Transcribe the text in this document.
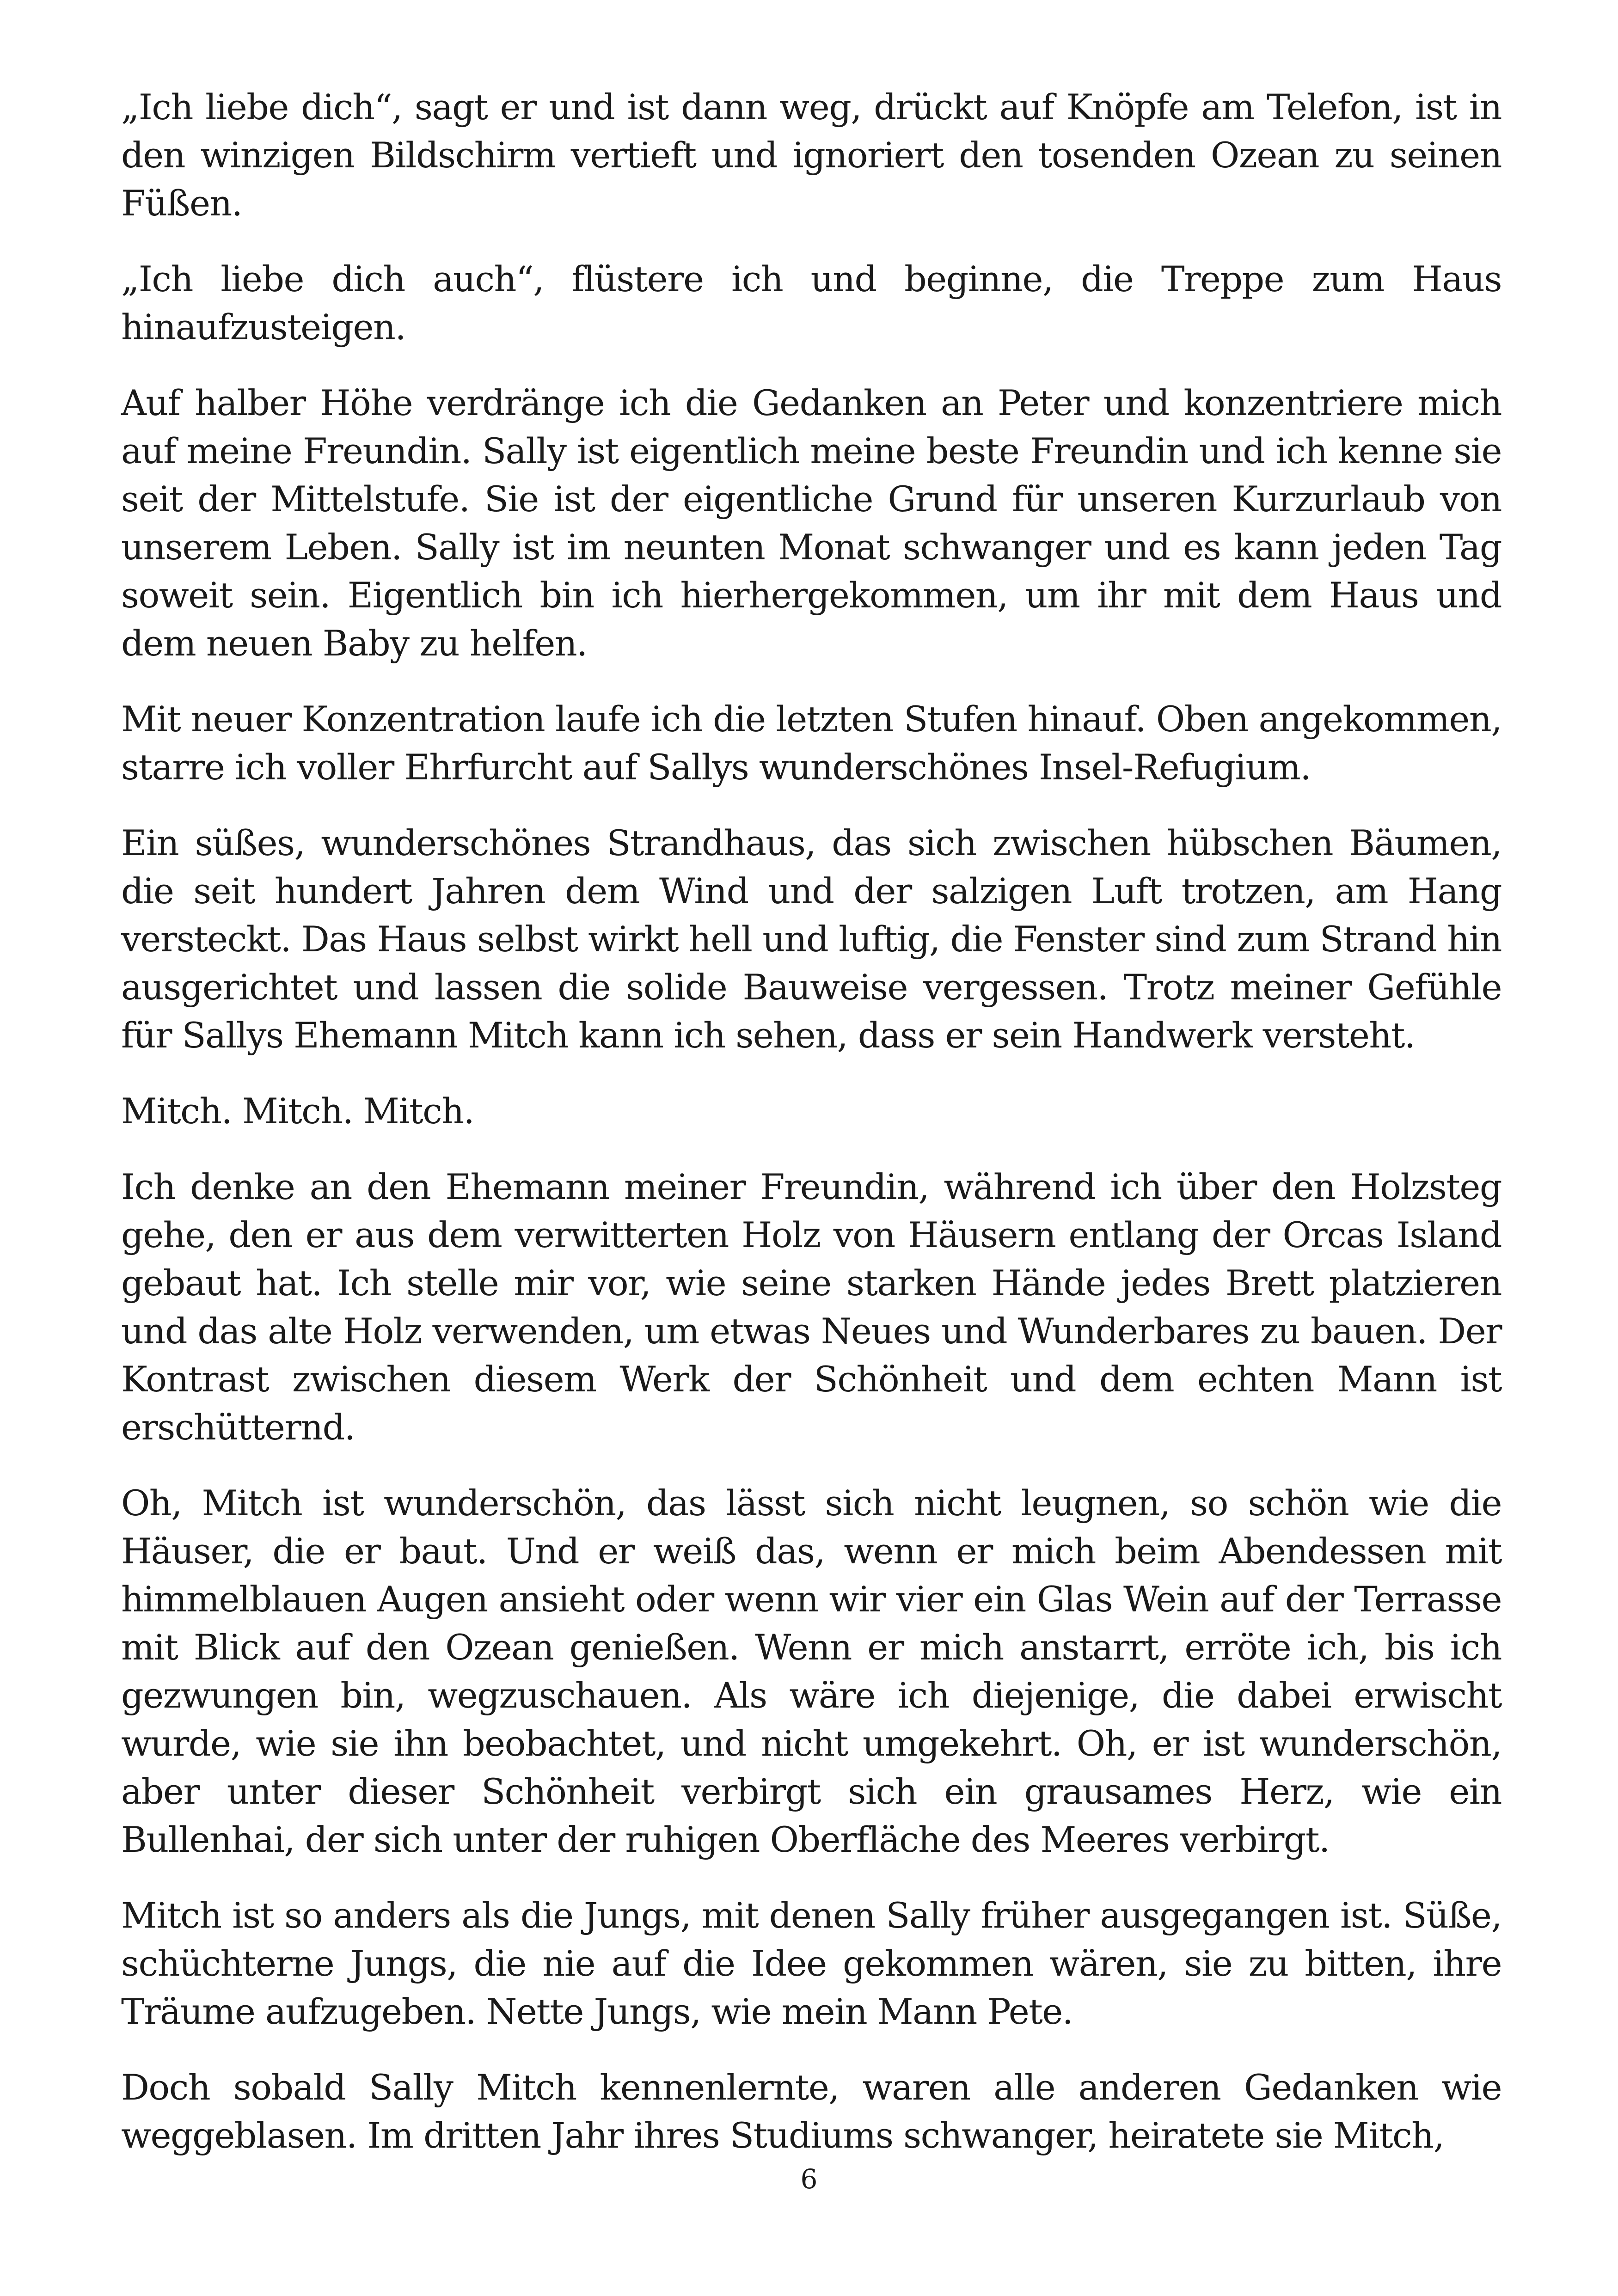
„Ich liebe dich“, sagt er und ist dann weg, drückt auf Knöpfe am Telefon, ist in den winzigen Bildschirm vertieft und ignoriert den tosenden Ozean zu seinen Füßen.

„Ich liebe dich auch“, flüstere ich und beginne, die Treppe zum Haus hinaufzusteigen.

Auf halber Höhe verdränge ich die Gedanken an Peter und konzentriere mich auf meine Freundin. Sally ist eigentlich meine beste Freundin und ich kenne sie seit der Mittelstufe. Sie ist der eigentliche Grund für unseren Kurzurlaub von unserem Leben. Sally ist im neunten Monat schwanger und es kann jeden Tag soweit sein. Eigentlich bin ich hierhergekommen, um ihr mit dem Haus und dem neuen Baby zu helfen.

Mit neuer Konzentration laufe ich die letzten Stufen hinauf. Oben angekommen, starre ich voller Ehrfurcht auf Sallys wunderschönes Insel-Refugium.

Ein süßes, wunderschönes Strandhaus, das sich zwischen hübschen Bäumen, die seit hundert Jahren dem Wind und der salzigen Luft trotzen, am Hang versteckt. Das Haus selbst wirkt hell und luftig, die Fenster sind zum Strand hin ausgerichtet und lassen die solide Bauweise vergessen. Trotz meiner Gefühle für Sallys Ehemann Mitch kann ich sehen, dass er sein Handwerk versteht.

Mitch. Mitch. Mitch.

Ich denke an den Ehemann meiner Freundin, während ich über den Holzsteg gehe, den er aus dem verwitterten Holz von Häusern entlang der Orcas Island gebaut hat. Ich stelle mir vor, wie seine starken Hände jedes Brett platzieren und das alte Holz verwenden, um etwas Neues und Wunderbares zu bauen. Der Kontrast zwischen diesem Werk der Schönheit und dem echten Mann ist erschütternd.

Oh, Mitch ist wunderschön, das lässt sich nicht leugnen, so schön wie die Häuser, die er baut. Und er weiß das, wenn er mich beim Abendessen mit himmelblauen Augen ansieht oder wenn wir vier ein Glas Wein auf der Terrasse mit Blick auf den Ozean genießen. Wenn er mich anstarrt, erröte ich, bis ich gezwungen bin, wegzuschauen. Als wäre ich diejenige, die dabei erwischt wurde, wie sie ihn beobachtet, und nicht umgekehrt. Oh, er ist wunderschön, aber unter dieser Schönheit verbirgt sich ein grausames Herz, wie ein Bullenhai, der sich unter der ruhigen Oberfläche des Meeres verbirgt.

Mitch ist so anders als die Jungs, mit denen Sally früher ausgegangen ist. Süße, schüchterne Jungs, die nie auf die Idee gekommen wären, sie zu bitten, ihre Träume aufzugeben. Nette Jungs, wie mein Mann Pete.

Doch sobald Sally Mitch kennenlernte, waren alle anderen Gedanken wie weggeblasen. Im dritten Jahr ihres Studiums schwanger, heiratete sie Mitch,

6
